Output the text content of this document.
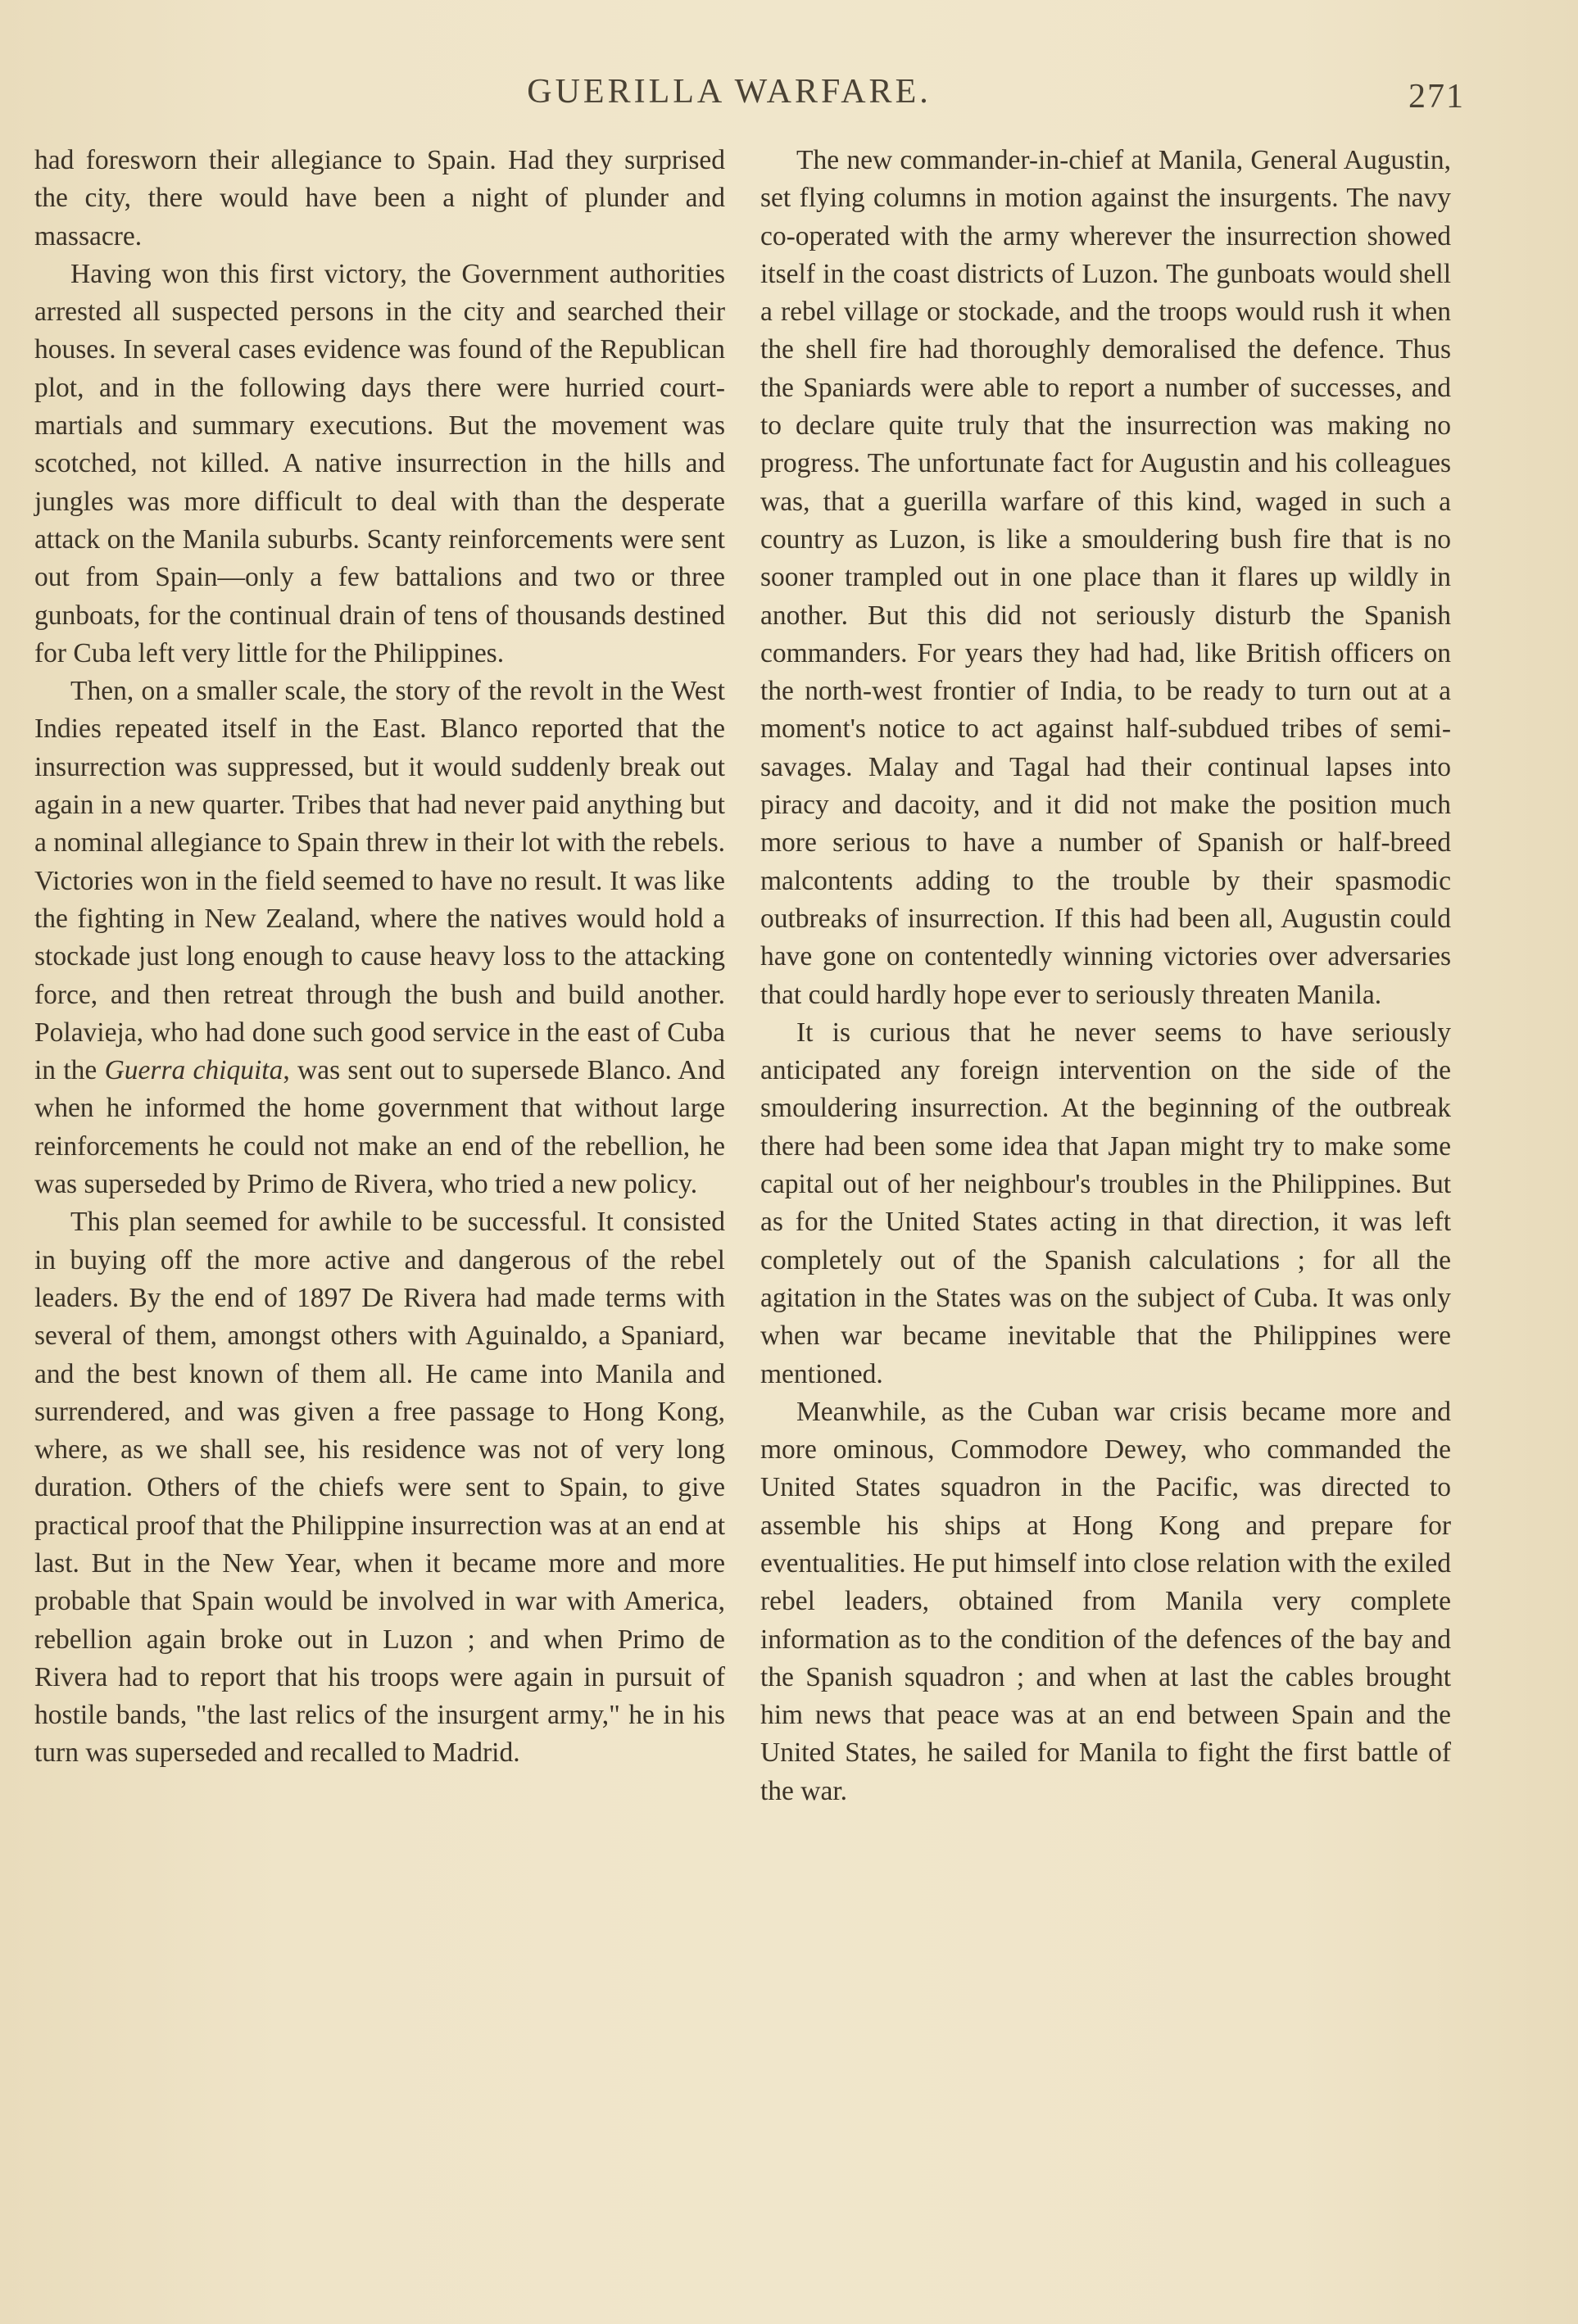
GUERILLA WARFARE.	271

had foresworn their allegiance to Spain. Had they surprised the city, there would have been a night of plunder and massacre.

Having won this first victory, the Government authorities arrested all suspected persons in the city and searched their houses. In several cases evidence was found of the Republican plot, and in the following days there were hurried court-martials and summary executions. But the movement was scotched, not killed. A native insurrection in the hills and jungles was more difficult to deal with than the desperate attack on the Manila suburbs. Scanty reinforcements were sent out from Spain—only a few battalions and two or three gunboats, for the continual drain of tens of thousands destined for Cuba left very little for the Philippines.

Then, on a smaller scale, the story of the revolt in the West Indies repeated itself in the East. Blanco reported that the insurrection was suppressed, but it would suddenly break out again in a new quarter. Tribes that had never paid anything but a nominal allegiance to Spain threw in their lot with the rebels. Victories won in the field seemed to have no result. It was like the fighting in New Zealand, where the natives would hold a stockade just long enough to cause heavy loss to the attacking force, and then retreat through the bush and build another. Polavieja, who had done such good service in the east of Cuba in the Guerra chiquita, was sent out to supersede Blanco. And when he informed the home government that without large reinforcements he could not make an end of the rebellion, he was superseded by Primo de Rivera, who tried a new policy.

This plan seemed for awhile to be successful. It consisted in buying off the more active and dangerous of the rebel leaders. By the end of 1897 De Rivera had made terms with several of them, amongst others with Aguinaldo, a Spaniard, and the best known of them all. He came into Manila and surrendered, and was given a free passage to Hong Kong, where, as we shall see, his residence was not of very long duration. Others of the chiefs were sent to Spain, to give practical proof that the Philippine insurrection was at an end at last. But in the New Year, when it became more and more probable that Spain would be involved in war with America, rebellion again broke out in Luzon ; and when Primo de Rivera had to report that his troops were again in pursuit of hostile bands, "the last relics of the insurgent army," he in his turn was superseded and recalled to Madrid.

The new commander-in-chief at Manila, General Augustin, set flying columns in motion against the insurgents. The navy co-operated with the army wherever the insurrection showed itself in the coast districts of Luzon. The gunboats would shell a rebel village or stockade, and the troops would rush it when the shell fire had thoroughly demoralised the defence. Thus the Spaniards were able to report a number of successes, and to declare quite truly that the insurrection was making no progress. The unfortunate fact for Augustin and his colleagues was, that a guerilla warfare of this kind, waged in such a country as Luzon, is like a smouldering bush fire that is no sooner trampled out in one place than it flares up wildly in another. But this did not seriously disturb the Spanish commanders. For years they had had, like British officers on the north-west frontier of India, to be ready to turn out at a moment's notice to act against half-subdued tribes of semi-savages. Malay and Tagal had their continual lapses into piracy and dacoity, and it did not make the position much more serious to have a number of Spanish or half-breed malcontents adding to the trouble by their spasmodic outbreaks of insurrection. If this had been all, Augustin could have gone on contentedly winning victories over adversaries that could hardly hope ever to seriously threaten Manila.

It is curious that he never seems to have seriously anticipated any foreign intervention on the side of the smouldering insurrection. At the beginning of the outbreak there had been some idea that Japan might try to make some capital out of her neighbour's troubles in the Philippines. But as for the United States acting in that direction, it was left completely out of the Spanish calculations ; for all the agitation in the States was on the subject of Cuba. It was only when war became inevitable that the Philippines were mentioned.

Meanwhile, as the Cuban war crisis became more and more ominous, Commodore Dewey, who commanded the United States squadron in the Pacific, was directed to assemble his ships at Hong Kong and prepare for eventualities. He put himself into close relation with the exiled rebel leaders, obtained from Manila very complete information as to the condition of the defences of the bay and the Spanish squadron ; and when at last the cables brought him news that peace was at an end between Spain and the United States, he sailed for Manila to fight the first battle of the war.
